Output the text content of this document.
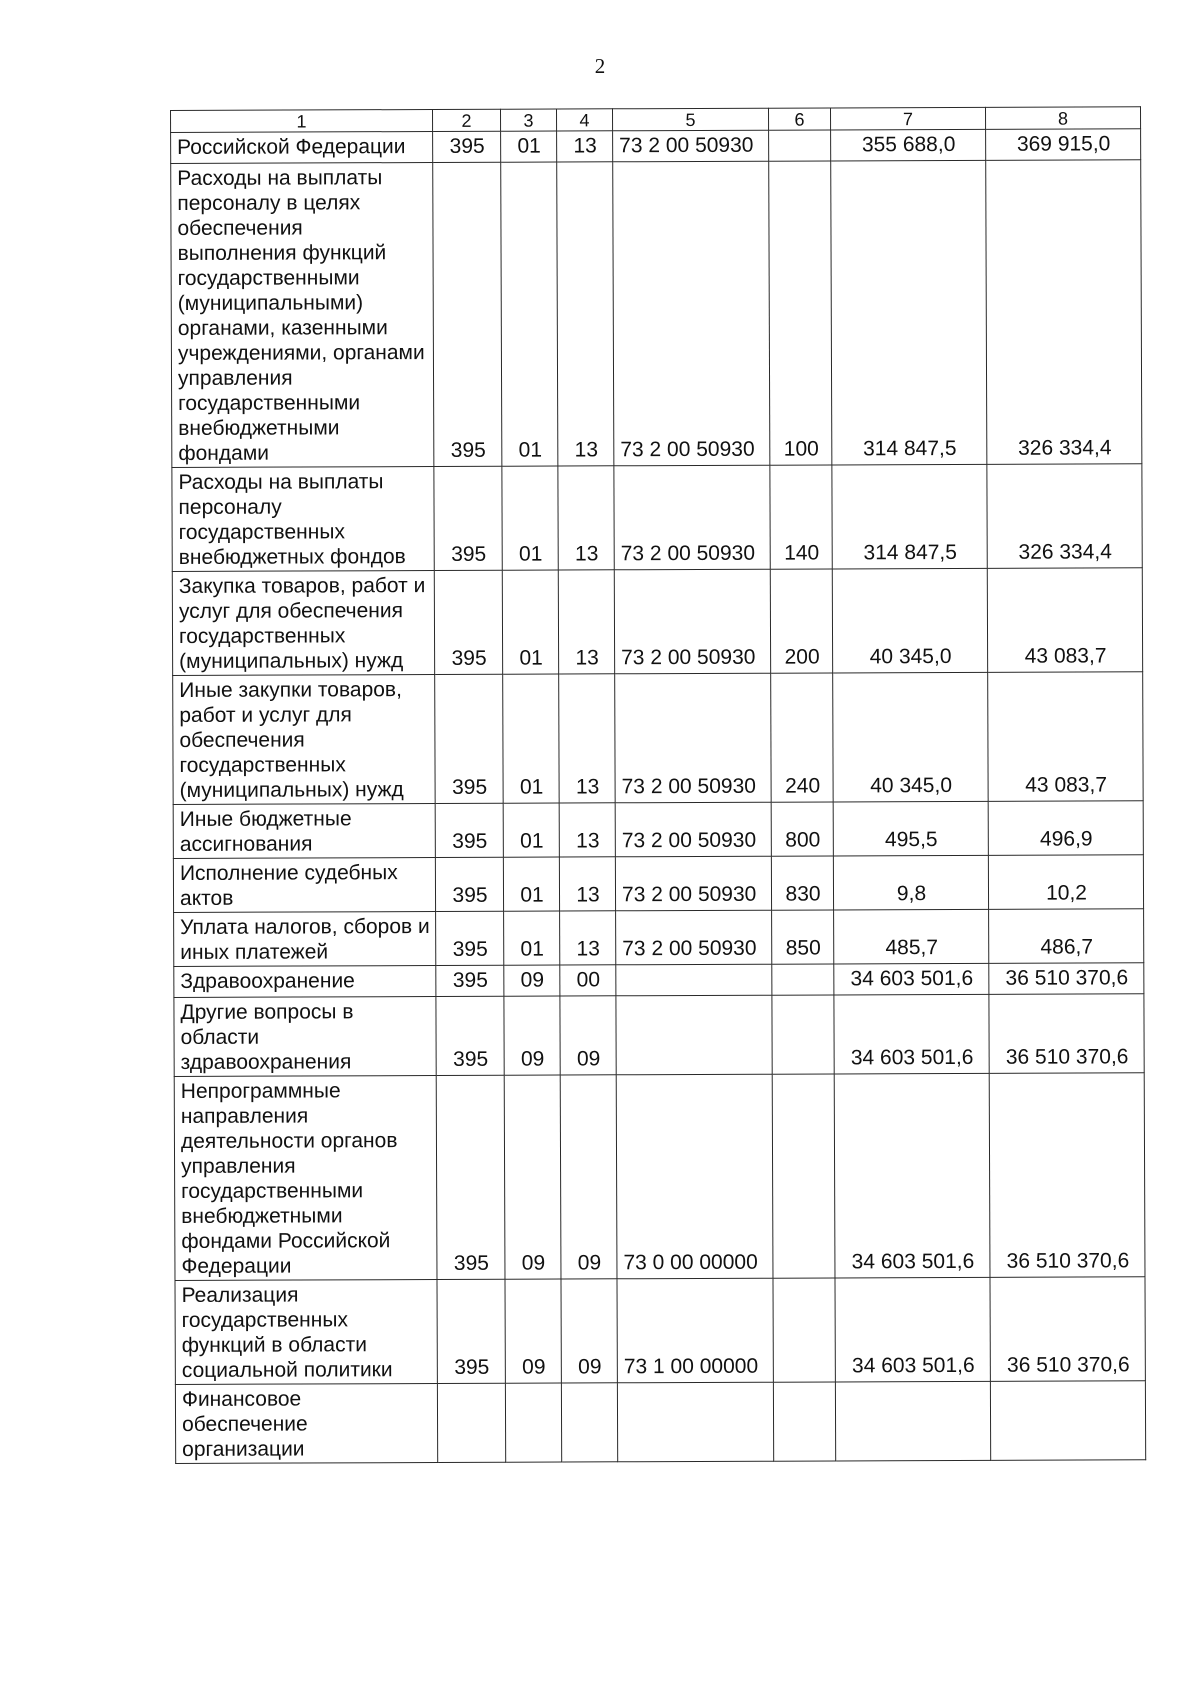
2
1	2	3	4	5	6	7	8
Российской Федерации	395	01	13	73 2 00 50930		355 688,0	369 915,0
Расходы на выплаты персоналу в целях обеспечения выполнения функций государственными (муниципальными) органами, казенными учреждениями, органами управления государственными внебюджетными фондами	395	01	13	73 2 00 50930	100	314 847,5	326 334,4
Расходы на выплаты персоналу государственных внебюджетных фондов	395	01	13	73 2 00 50930	140	314 847,5	326 334,4
Закупка товаров, работ и услуг для обеспечения государственных (муниципальных) нужд	395	01	13	73 2 00 50930	200	40 345,0	43 083,7
Иные закупки товаров, работ и услуг для обеспечения государственных (муниципальных) нужд	395	01	13	73 2 00 50930	240	40 345,0	43 083,7
Иные бюджетные ассигнования	395	01	13	73 2 00 50930	800	495,5	496,9
Исполнение судебных актов	395	01	13	73 2 00 50930	830	9,8	10,2
Уплата налогов, сборов и иных платежей	395	01	13	73 2 00 50930	850	485,7	486,7
Здравоохранение	395	09	00			34 603 501,6	36 510 370,6
Другие вопросы в области здравоохранения	395	09	09			34 603 501,6	36 510 370,6
Непрограммные направления деятельности органов управления государственными внебюджетными фондами Российской Федерации	395	09	09	73 0 00 00000		34 603 501,6	36 510 370,6
Реализация государственных функций в области социальной политики	395	09	09	73 1 00 00000		34 603 501,6	36 510 370,6
Финансовое обеспечение организации							
